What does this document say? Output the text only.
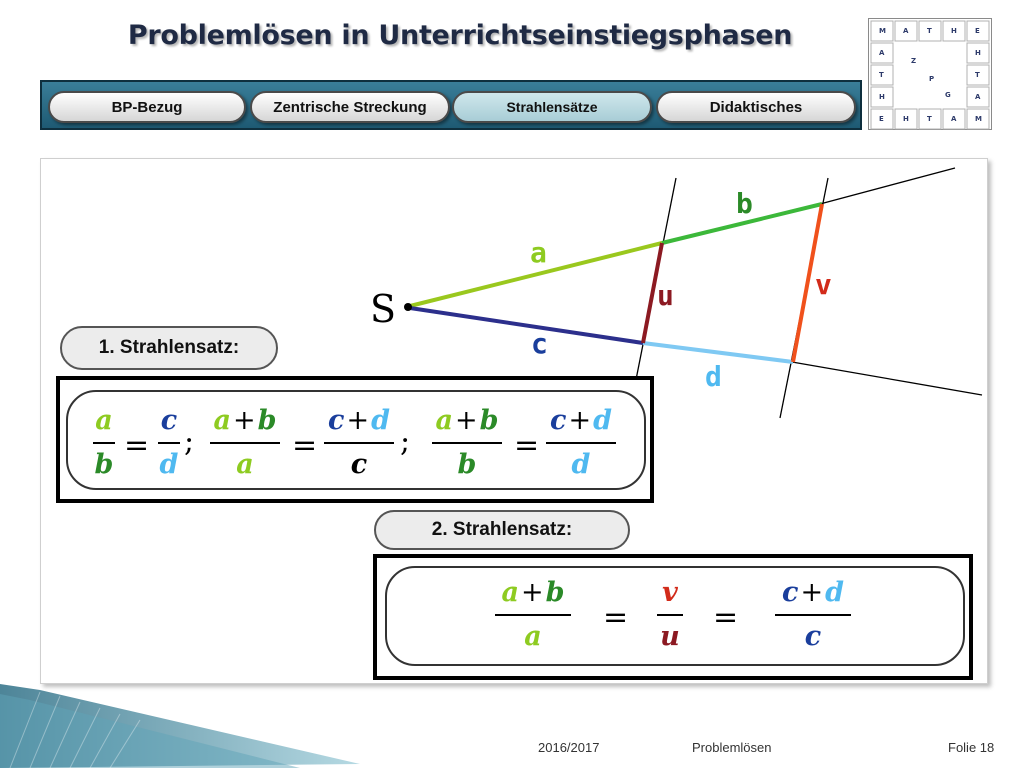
Problemlösen in Unterrichtseinstiegsphasen	M A	T	H	E
A	H
T	T
H	A
E	H	T	A	M
Z
P
G
BP-Bezug	Zentrische Streckung	Strahlensätze	Didaktisches
S
a
b
c
d
u	v
1. Strahlensatz:
a
b
=
c
d
;
a+b
a
=
c+d
c
;
a+b
b
=
c+d
d
2. Strahlensatz:
a+b
a
=
v
u
=
c+d
c
2016/2017	Problemlösen	Folie 18
